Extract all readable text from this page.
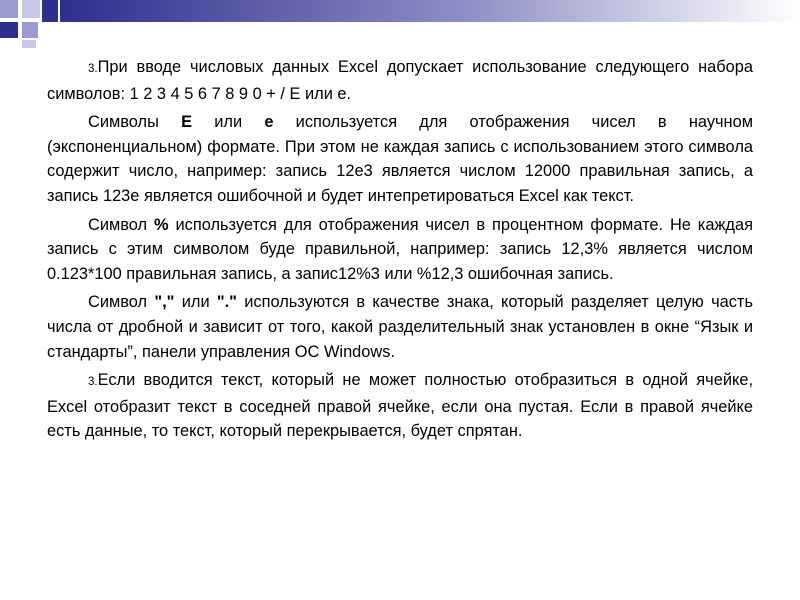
3.При вводе числовых данных Excel допускает использование следующего набора символов: 1 2 3 4 5 6 7 8 9 0 + / Е или е.

Символы Е или е используется для отображения чисел в научном (экспоненциальном) формате. При этом не каждая запись с использованием этого символа содержит число, например: запись 12е3 является числом 12000 правильная запись, а запись 123е является ошибочной и будет интепретироваться Excel как текст.

Символ % используется для отображения чисел в процентном формате. Не каждая запись с этим символом буде правильной, например: запись 12,3% является числом 0.123*100 правильная запись, а запис12%3 или %12,3 ошибочная запись.

Символ "," или "." используются в качестве знака, который разделяет целую часть числа от дробной и зависит от того, какой разделительный знак установлен в окне “Язык и стандарты”, панели управления ОС Windows.

3.Если вводится текст, который не может полностью отобразиться в одной ячейке, Excel отобразит текст в соседней правой ячейке, если она пустая. Если в правой ячейке есть данные, то текст, который перекрывается, будет спрятан.
